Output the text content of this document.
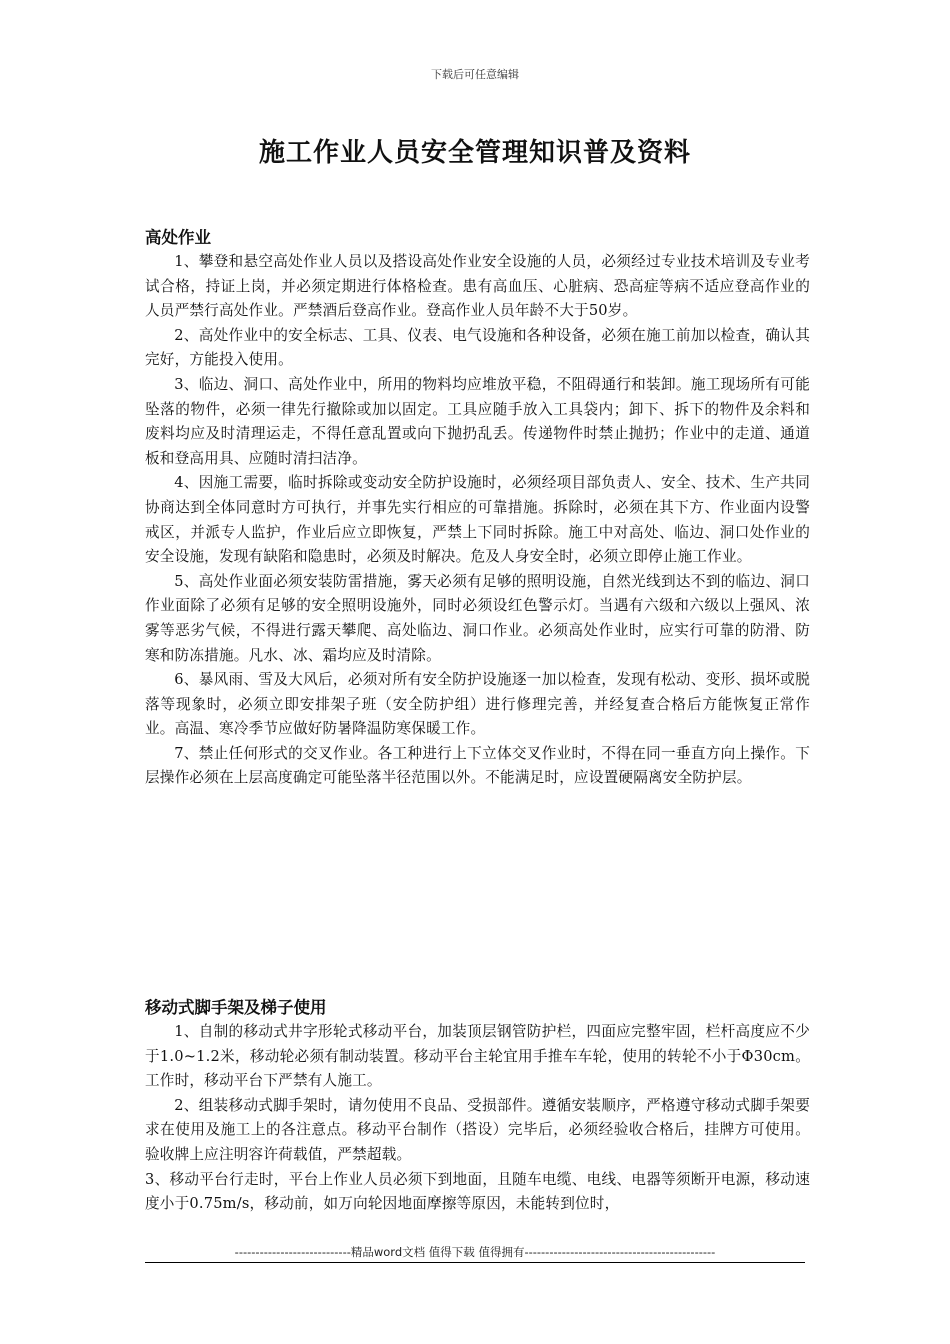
下载后可任意编辑
施工作业人员安全管理知识普及资料
高处作业

1、攀登和悬空高处作业人员以及搭设高处作业安全设施的人员，必须经过专业技术培训及专业考试合格，持证上岗，并必须定期进行体格检查。患有高血压、心脏病、恐高症等病不适应登高作业的人员严禁行高处作业。严禁酒后登高作业。登高作业人员年龄不大于50岁。

2、高处作业中的安全标志、工具、仪表、电气设施和各种设备，必须在施工前加以检查，确认其完好，方能投入使用。

3、临边、洞口、高处作业中，所用的物料均应堆放平稳，不阻碍通行和装卸。施工现场所有可能坠落的物件，必须一律先行撤除或加以固定。工具应随手放入工具袋内；卸下、拆下的物件及余料和废料均应及时清理运走，不得任意乱置或向下抛扔乱丢。传递物件时禁止抛扔；作业中的走道、通道板和登高用具、应随时清扫洁净。

4、因施工需要，临时拆除或变动安全防护设施时，必须经项目部负责人、安全、技术、生产共同协商达到全体同意时方可执行，并事先实行相应的可靠措施。拆除时，必须在其下方、作业面内设警戒区，并派专人监护，作业后应立即恢复，严禁上下同时拆除。施工中对高处、临边、洞口处作业的安全设施，发现有缺陷和隐患时，必须及时解决。危及人身安全时，必须立即停止施工作业。

5、高处作业面必须安装防雷措施，雾天必须有足够的照明设施，自然光线到达不到的临边、洞口作业面除了必须有足够的安全照明设施外，同时必须设红色警示灯。当遇有六级和六级以上强风、浓雾等恶劣气候，不得进行露天攀爬、高处临边、洞口作业。必须高处作业时，应实行可靠的防滑、防寒和防冻措施。凡水、冰、霜均应及时清除。

6、暴风雨、雪及大风后，必须对所有安全防护设施逐一加以检查，发现有松动、变形、损坏或脱落等现象时，必须立即安排架子班（安全防护组）进行修理完善，并经复查合格后方能恢复正常作业。高温、寒冷季节应做好防暑降温防寒保暖工作。

7、禁止任何形式的交叉作业。各工种进行上下立体交叉作业时，不得在同一垂直方向上操作。下层操作必须在上层高度确定可能坠落半径范围以外。不能满足时，应设置硬隔离安全防护层。

移动式脚手架及梯子使用

1、自制的移动式井字形轮式移动平台，加装顶层钢管防护栏，四面应完整牢固，栏杆高度应不少于1.0~1.2米，移动轮必须有制动装置。移动平台主轮宜用手推车车轮，使用的转轮不小于Φ30cm。工作时，移动平台下严禁有人施工。

2、组装移动式脚手架时，请勿使用不良品、受损部件。遵循安装顺序，严格遵守移动式脚手架要求在使用及施工上的各注意点。移动平台制作（搭设）完毕后，必须经验收合格后，挂牌方可使用。验收牌上应注明容许荷载值，严禁超载。

3、移动平台行走时，平台上作业人员必须下到地面，且随车电缆、电线、电器等须断开电源，移动速度小于0.75m/s，移动前，如万向轮因地面摩擦等原因，未能转到位时，

----------------------------精品word文档 值得下载 值得拥有----------------------------------------------
